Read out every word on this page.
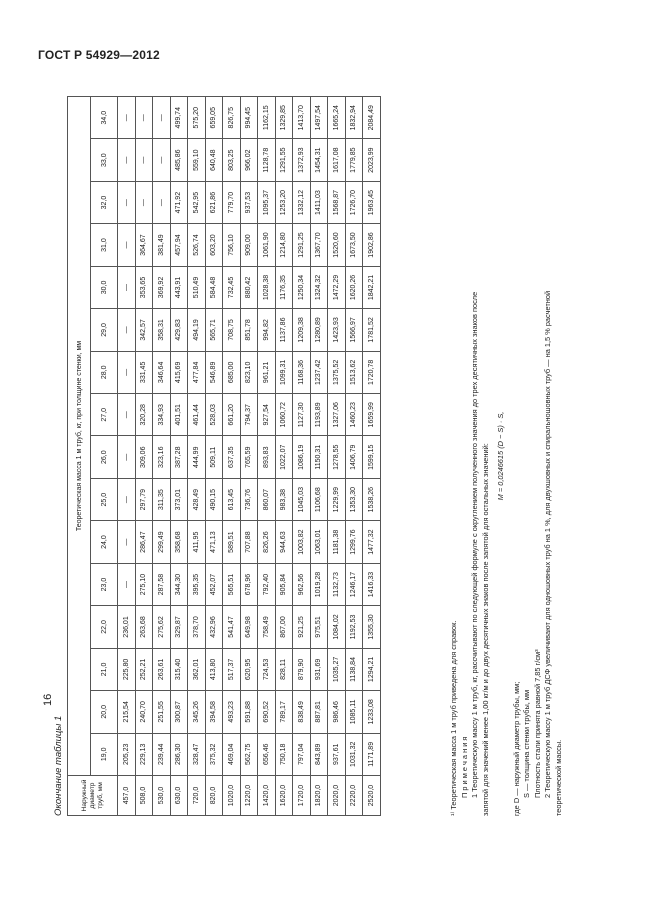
ГОСТ Р 54929—2012
Окончание таблицы 1	Наружный диаметр труб, мм	Теоретическая масса 1 м труб, кг, при толщине стенки, мм															
	19,0	20,0	21,0	22,0	23,0	24,0	25,0	26,0	27,0	28,0	29,0	30,0	31,0	32,0	33,0	34,0
457,0	205,23	215,54	225,80	236,01	—	—	—	—	—	—	—	—	—	—	—	—
508,0	229,13	240,70	252,21	263,68	275,10	286,47	297,79	309,06	320,28	331,45	342,57	353,65	364,67	—	—	—
530,0	239,44	251,55	263,61	275,62	287,58	299,49	311,35	323,16	334,93	346,64	358,31	369,92	381,49	—	—	—
630,0	286,30	300,87	315,40	329,87	344,30	358,68	373,01	387,28	401,51	415,69	429,83	443,91	457,94	471,92	485,86	499,74
720,0	328,47	345,26	362,01	378,70	395,35	411,95	428,49	444,99	461,44	477,84	494,19	510,49	526,74	542,95	559,10	575,20
820,0	375,32	394,58	413,80	432,96	452,07	471,13	490,15	509,11	528,03	546,89	565,71	584,48	603,20	621,86	640,48	659,05
1020,0	469,04	493,23	517,37	541,47	565,51	589,51	613,45	637,35	661,20	685,00	708,75	732,45	756,10	779,70	803,25	826,75
1220,0	562,75	591,88	620,95	649,98	678,96	707,88	736,76	765,59	794,37	823,10	851,78	880,42	909,00	937,53	966,02	994,45
1420,0	656,46	690,52	724,53	758,49	792,40	826,26	860,07	893,83	927,54	961,21	994,82	1028,38	1061,90	1095,37	1128,78	1162,15
1620,0	750,18	789,17	828,11	867,00	905,84	944,63	983,38	1022,07	1060,72	1099,31	1137,86	1176,35	1214,80	1253,20	1291,55	1329,85
1720,0	797,04	838,49	879,90	921,25	962,56	1003,82	1045,03	1086,19	1127,30	1168,36	1209,38	1250,34	1291,25	1332,12	1372,93	1413,70
1820,0	843,89	887,81	931,69	975,51	1019,28	1063,01	1106,68	1150,31	1193,89	1237,42	1280,89	1324,32	1367,70	1411,03	1454,31	1497,54
2020,0	937,61	986,46	1035,27	1084,02	1132,73	1181,38	1229,99	1278,55	1327,06	1375,52	1423,93	1472,29	1520,60	1568,87	1617,08	1665,24
2220,0	1031,32	1085,11	1138,84	1192,53	1246,17	1299,76	1353,30	1406,79	1460,23	1513,62	1566,97	1620,26	1673,50	1726,70	1779,85	1832,94
2520,0	1171,89	1233,08	1294,21	1355,30	1416,33	1477,32	1538,26	1599,15	1659,99	1720,78	1781,52	1842,21	1902,86	1963,45	2023,99	2084,49

¹⁾ Теоретическая масса 1 м труб приведена для справок. П р и м е ч а н и я 1 Теоретическую массу 1 м труб, кг, рассчитывают по следующей формуле с округлением полученного значения до трех десятичных знаков после запятой для значений менее 1,00 кг/м и до двух десятичных знаков после запятой для остальных значений: M = 0,0246615 (D − S) · S,

где D — наружный диаметр трубы, мм; S — толщина стенки трубы, мм Плотность стали принята равной 7,85 г/см³ 2 Теоретическую массу 1 м труб ДСФ увеличивают для одношовных труб на 1 %, для двухшовных и спиральношовных труб — на 1,5 % расчетной теоретической массы.

16
